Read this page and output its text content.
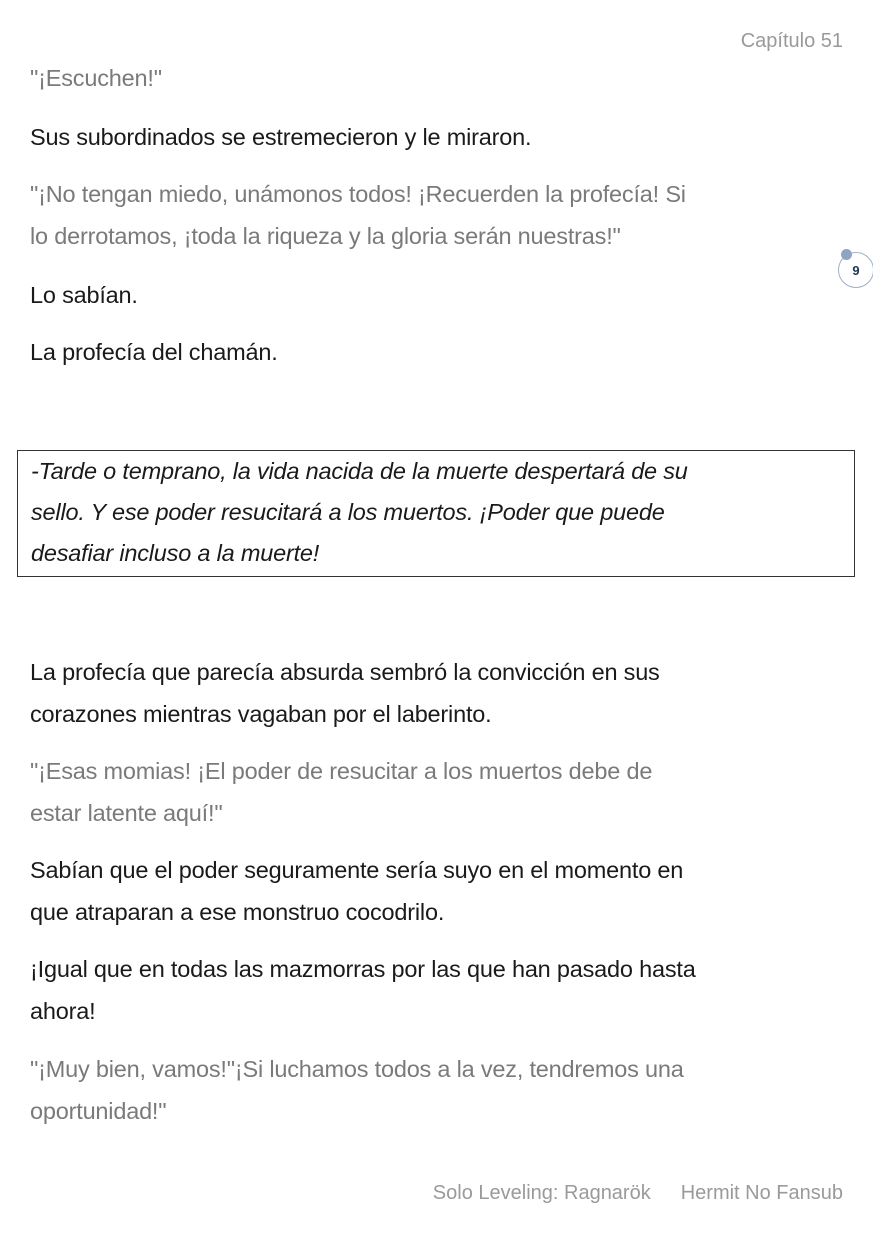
Capítulo 51
"¡Escuchen!"
Sus subordinados se estremecieron y le miraron.
"¡No tengan miedo, unámonos todos! ¡Recuerden la profecía! Si
lo derrotamos, ¡toda la riqueza y la gloria serán nuestras!"
Lo sabían.
La profecía del chamán.
-Tarde o temprano, la vida nacida de la muerte despertará de su
sello. Y ese poder resucitará a los muertos. ¡Poder que puede
desafiar incluso a la muerte!
La profecía que parecía absurda sembró la convicción en sus
corazones mientras vagaban por el laberinto.
"¡Esas momias! ¡El poder de resucitar a los muertos debe de
estar latente aquí!"
Sabían que el poder seguramente sería suyo en el momento en
que atraparan a ese monstruo cocodrilo.
¡Igual que en todas las mazmorras por las que han pasado hasta
ahora!
"¡Muy bien, vamos!"¡Si luchamos todos a la vez, tendremos una
oportunidad!"
9
Solo Leveling: Ragnarök Hermit No Fansub
